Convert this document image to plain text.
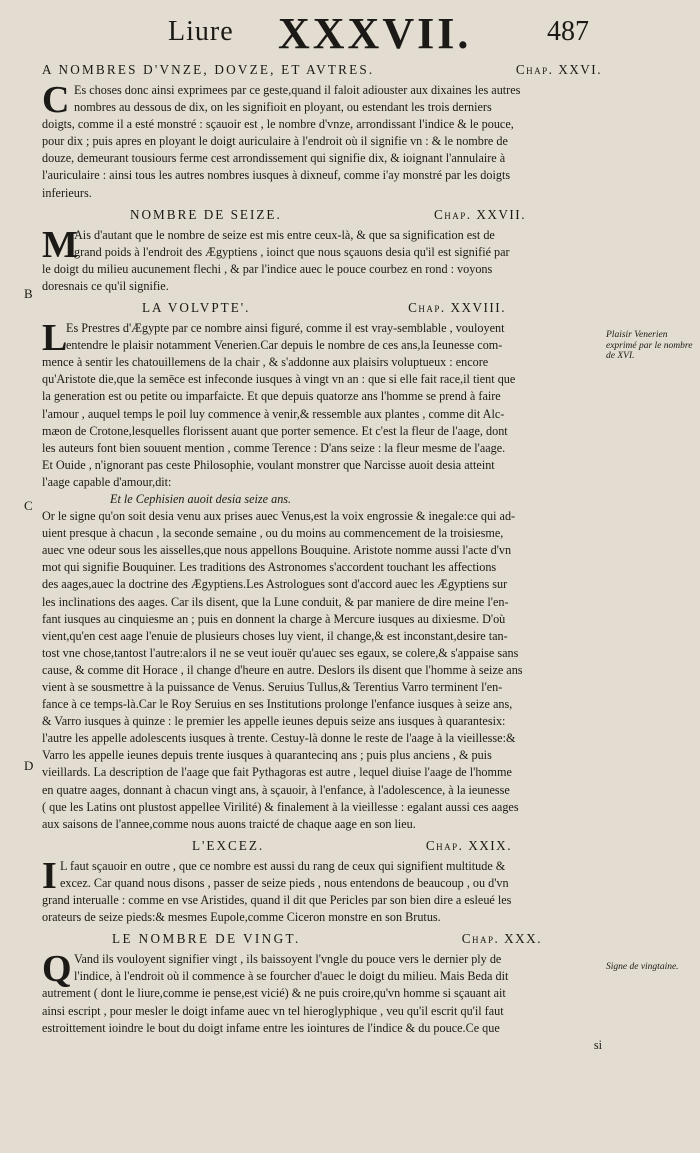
Liure XXXVII.	487
B
C
D
Plaisir Venerien exprimé par le nombre de XVI.
Signe de vingtaine.
A NOMBRES D'VNZE, DOVZE, ET AVTRES.	Chap. XXVI.
C Es choses donc ainsi exprimees par ce geste,quand il faloit adiouster aux dixaines les autres
nombres au dessous de dix, on les signifioit en ployant, ou estendant les trois derniers
doigts, comme il a esté monstré : sçauoir est , le nombre d'vnze, arrondissant l'indice & le pouce,
pour dix ; puis apres en ployant le doigt auriculaire à l'endroit où il signifie vn : & le nombre de
douze, demeurant tousiours ferme cest arrondissement qui signifie dix, & ioignant l'annulaire à
l'auriculaire : ainsi tous les autres nombres iusques à dixneuf, comme i'ay monstré par les doigts
inferieurs.
NOMBRE DE SEIZE.	Chap. XXVII.
M
Ais d'autant que le nombre de seize est mis entre ceux-là, & que sa signification est de
grand poids à l'endroit des Ægyptiens , ioinct que nous sçauons desia qu'il est signifié par
le doigt du milieu aucunement flechi , & par l'indice auec le pouce courbez en rond : voyons
doresnais ce qu'il signifie.
LA VOLVPTE'.	Chap. XXVIII.
L
Es Prestres d'Ægypte par ce nombre ainsi figuré, comme il est vray-semblable , vouloyent
entendre le plaisir notamment Venerien.Car depuis le nombre de ces ans,la Ieunesse com-
mence à sentir les chatouillemens de la chair , & s'addonne aux plaisirs voluptueux : encore
qu'Aristote die,que la semēce est infeconde iusques à vingt vn an : que si elle fait race,il tient que
la generation est ou petite ou imparfaicte. Et que depuis quatorze ans l'homme se prend à faire
l'amour , auquel temps le poil luy commence à venir,& ressemble aux plantes , comme dit Alc-
mæon de Crotone,lesquelles florissent auant que porter semence. Et c'est la fleur de l'aage, dont
les auteurs font bien souuent mention , comme Terence : D'ans seize : la fleur mesme de l'aage.
Et Ouide , n'ignorant pas ceste Philosophie, voulant monstrer que Narcisse auoit desia atteint
l'aage capable d'amour,dit:
Et le Cephisien auoit desia seize ans.
Or le signe qu'on soit desia venu aux prises auec Venus,est la voix engrossie & inegale:ce qui ad-
uient presque à chacun , la seconde semaine , ou du moins au commencement de la troisiesme,
auec vne odeur sous les aisselles,que nous appellons Bouquine. Aristote nomme aussi l'acte d'vn
mot qui signifie Bouquiner. Les traditions des Astronomes s'accordent touchant les affections
des aages,auec la doctrine des Ægyptiens.Les Astrologues sont d'accord auec les Ægyptiens sur
les inclinations des aages. Car ils disent, que la Lune conduit, & par maniere de dire meine l'en-
fant iusques au cinquiesme an ; puis en donnent la charge à Mercure iusques au dixiesme. D'où
vient,qu'en cest aage l'enuie de plusieurs choses luy vient, il change,& est inconstant,desire tan-
tost vne chose,tantost l'autre:alors il ne se veut iouër qu'auec ses egaux, se colere,& s'appaise sans
cause, & comme dit Horace , il change d'heure en autre. Deslors ils disent que l'homme à seize ans
vient à se sousmettre à la puissance de Venus. Seruius Tullus,& Terentius Varro terminent l'en-
fance à ce temps-là.Car le Roy Seruius en ses Institutions prolonge l'enfance iusques à seize ans,
& Varro iusques à quinze : le premier les appelle ieunes depuis seize ans iusques à quarantesix:
l'autre les appelle adolescents iusques à trente. Cestuy-là donne le reste de l'aage à la vieillesse:&
Varro les appelle ieunes depuis trente iusques à quarantecinq ans ; puis plus anciens , & puis
vieillards. La description de l'aage que fait Pythagoras est autre , lequel diuise l'aage de l'homme
en quatre aages, donnant à chacun vingt ans, à sçauoir, à l'enfance, à l'adolescence, à la ieunesse
( que les Latins ont plustost appellee Virilité) & finalement à la vieillesse : egalant aussi ces aages
aux saisons de l'annee,comme nous auons traicté de chaque aage en son lieu.
L'EXCEZ.	Chap. XXIX.
I L faut sçauoir en outre , que ce nombre est aussi du rang de ceux qui signifient multitude &
excez. Car quand nous disons , passer de seize pieds , nous entendons de beaucoup , ou d'vn
grand interualle : comme en vse Aristides, quand il dit que Pericles par son bien dire a esleué les
orateurs de seize pieds:& mesmes Eupole,comme Ciceron monstre en son Brutus.
LE NOMBRE DE VINGT.	Chap. XXX.
Q Vand ils vouloyent signifier vingt , ils baissoyent l'vngle du pouce vers le dernier ply de
l'indice, à l'endroit où il commence à se fourcher d'auec le doigt du milieu. Mais Beda dit
autrement ( dont le liure,comme ie pense,est vicié) & ne puis croire,qu'vn homme si sçauant ait
ainsi escript , pour mesler le doigt infame auec vn tel hieroglyphique , veu qu'il escrit qu'il faut
estroittement ioindre le bout du doigt infame entre les iointures de l'indice & du pouce.Ce que
si
